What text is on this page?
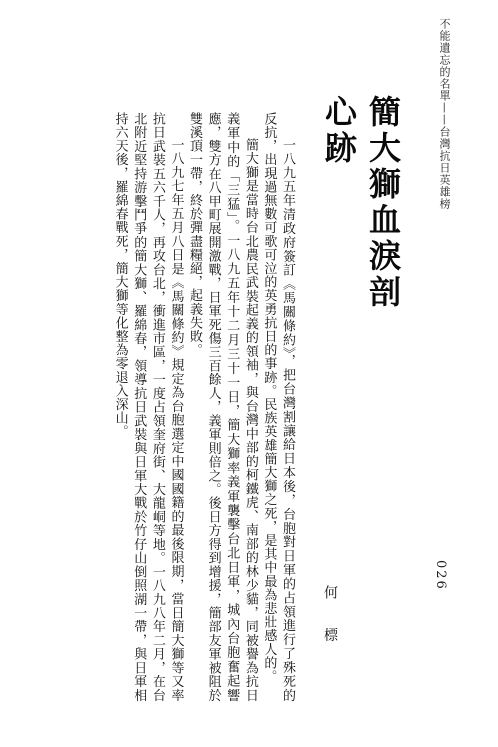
不能遺忘的名單——台灣抗日英雄榜
026
簡大獅血淚剖心跡
何 標

一八九五年清政府簽訂《馬關條約》，把台灣割讓給日本後，台胞對日軍的占領進行了殊死的反抗，出現過無數可歌可泣的英勇抗日的事跡。民族英雄簡大獅之死，是其中最為悲壯感人的。

簡大獅是當時台北農民武裝起義的領袖，與台灣中部的柯鐵虎、南部的林少貓，同被譽為抗日義軍中的「三猛」。一八九五年十二月三十一日，簡大獅率義軍襲擊台北日軍，城內台胞奮起響應，雙方在八甲町展開激戰，日軍死傷三百餘人，義軍則倍之。後日方得到增援，簡部友軍被阻於雙溪頂一帶，終於彈盡糧絕，起義失敗。

一八九七年五月八日是《馬關條約》規定為台胞選定中國國籍的最後限期，當日簡大獅等又率抗日武裝五六千人，再攻台北，衝進市區，一度占領奎府街、大龍峒等地。一八九八年二月，在台北附近堅持游擊鬥爭的簡大獅、羅綿春，領導抗日武裝與日軍大戰於竹仔山倒照湖一帶，與日軍相持六天後，羅綿春戰死，簡大獅等化整為零退入深山。
